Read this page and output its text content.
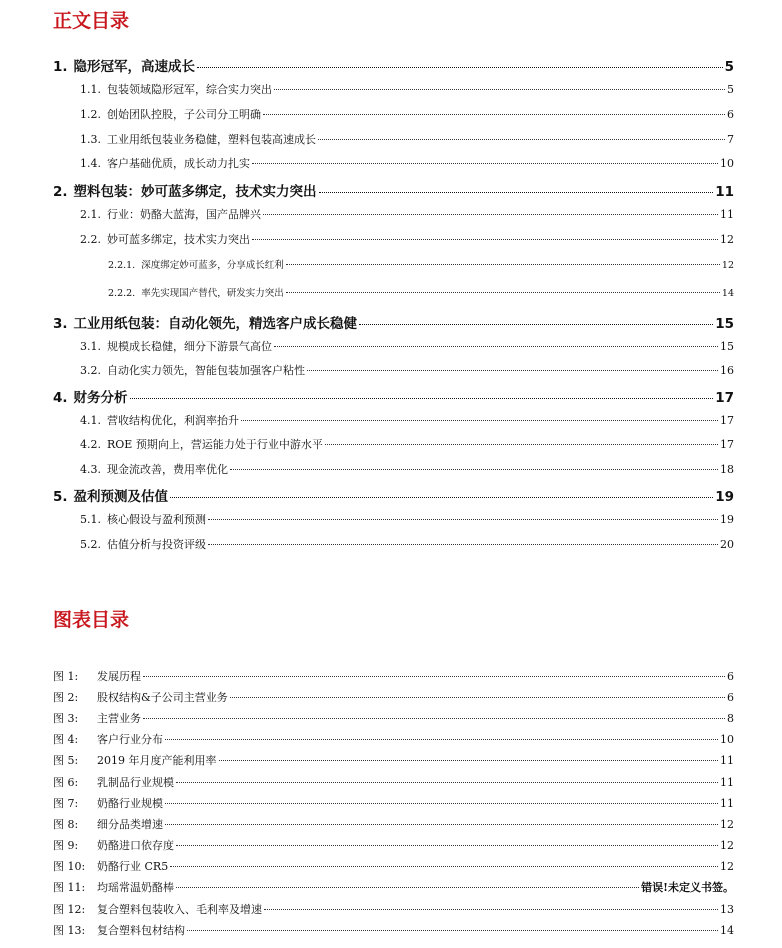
正文目录
1. 隐形冠军，高速成长	5
1.1. 包装领域隐形冠军，综合实力突出	5
1.2. 创始团队控股，子公司分工明确	6
1.3. 工业用纸包装业务稳健，塑料包装高速成长	7
1.4. 客户基础优质，成长动力扎实	10
2. 塑料包装：妙可蓝多绑定，技术实力突出	11
2.1. 行业：奶酪大蓝海，国产品牌兴	11
2.2. 妙可蓝多绑定，技术实力突出	12
2.2.1. 深度绑定妙可蓝多，分享成长红利	12
2.2.2. 率先实现国产替代，研发实力突出	14
3. 工业用纸包装：自动化领先，精选客户成长稳健	15
3.1. 规模成长稳健，细分下游景气高位	15
3.2. 自动化实力领先，智能包装加强客户粘性	16
4. 财务分析	17
4.1. 营收结构优化，利润率抬升	17
4.2. ROE 预期向上，营运能力处于行业中游水平	17
4.3. 现金流改善，费用率优化	18
5. 盈利预测及估值	19
5.1. 核心假设与盈利预测	19
5.2. 估值分析与投资评级	20
图表目录
图 1: 发展历程	6
图 2: 股权结构&子公司主营业务	6
图 3: 主营业务	8
图 4: 客户行业分布	10
图 5: 2019 年月度产能利用率	11
图 6: 乳制品行业规模	11
图 7: 奶酪行业规模	11
图 8: 细分品类增速	12
图 9: 奶酪进口依存度	12
图 10: 奶酪行业 CR5	12
图 11: 均瑶常温奶酪棒	错误!未定义书签。
图 12: 复合塑料包装收入、毛利率及增速	13
图 13: 复合塑料包材结构	14
